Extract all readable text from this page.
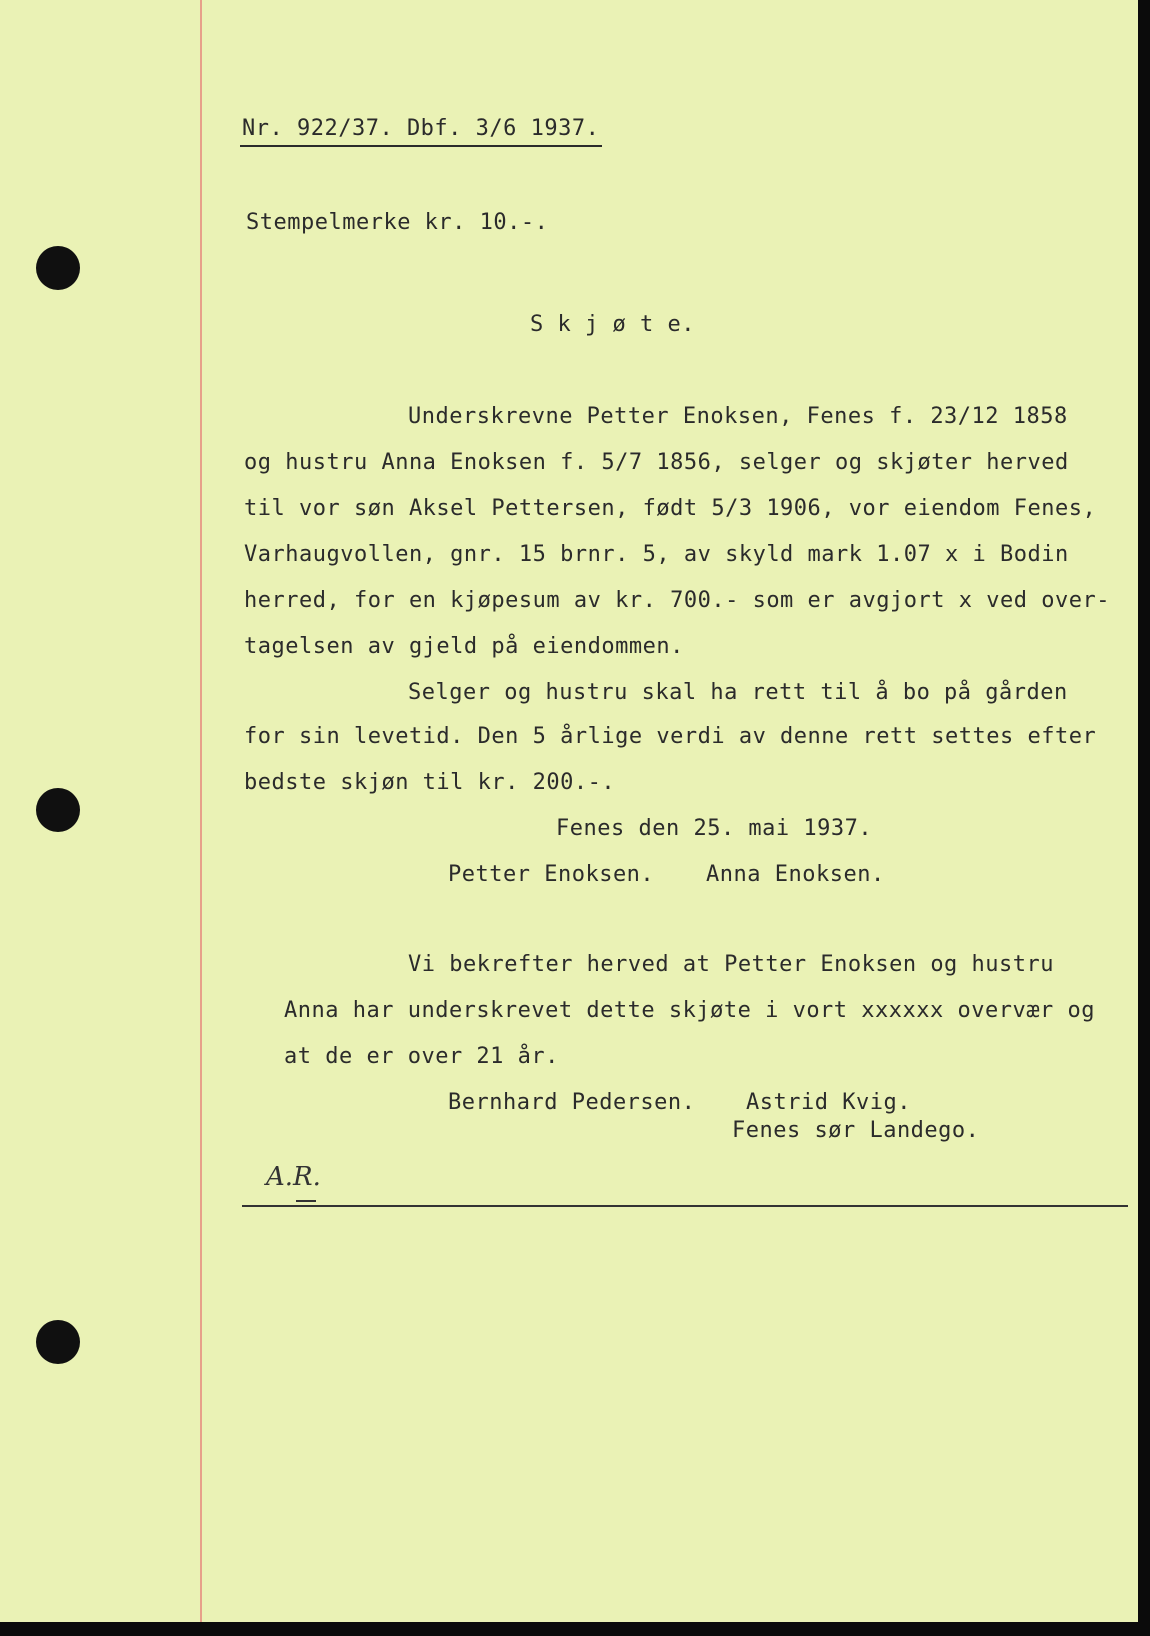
Nr. 922/37. Dbf. 3/6 1937.
Stempelmerke kr. 10.-.
S k j ø t e.
Underskrevne Petter Enoksen, Fenes f. 23/12 1858
og hustru Anna Enoksen f. 5/7 1856, selger og skjøter herved
til vor søn Aksel Pettersen, født 5/3 1906, vor eiendom Fenes,
Varhaugvollen, gnr. 15 brnr. 5, av skyld mark 1.07 x i Bodin
herred, for en kjøpesum av kr. 700.- som er avgjort x ved over-
tagelsen av gjeld på eiendommen.
Selger og hustru skal ha rett til å bo på gården
for sin levetid. Den 5 årlige verdi av denne rett settes efter
bedste skjøn til kr. 200.-.
Fenes den 25. mai 1937.
Petter Enoksen. Anna Enoksen.
Vi bekrefter herved at Petter Enoksen og hustru
Anna har underskrevet dette skjøte i vort xxxxxx overvær og
at de er over 21 år.
Bernhard Pedersen. Astrid Kvig.
Fenes sør Landego.
A.R.
